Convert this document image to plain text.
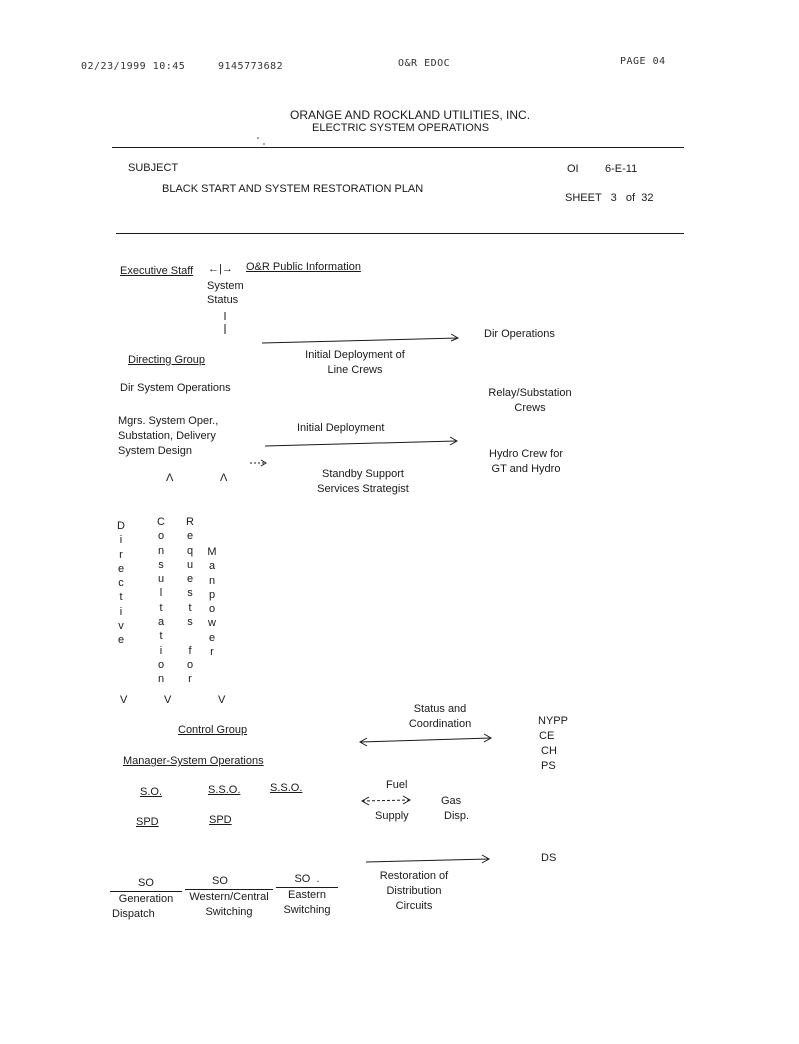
02/23/1999 10:45	9145773682	O&R EDOC	PAGE 04
ORANGE AND ROCKLAND UTILITIES, INC.
ELECTRIC SYSTEM OPERATIONS
SUBJECT	OI 6-E-11
BLACK START AND SYSTEM RESTORATION PLAN
SHEET   3   of  32
Executive Staff ←|→ O&R Public Information
System
Status
Directing Group
Dir System Operations
Mgrs. System Oper.,
Substation, Delivery
System Design
Initial Deployment of
Line Crews
Initial Deployment
Standby Support
Services Strategist
Dir Operations
Relay/Substation
Crews
Hydro Crew for
GT and Hydro
Λ	Λ
D
i
r
e
c
t
i
v
e
C
o
n
s
u
l
t
a
t
i
o
n
R
e
q
u
e
s
t
s

f
o
r
M
a
n
p
o
w
e
r
V	V	V
Control Group
Manager-System Operations
S.O.	S.S.O.	S.S.O.
SPD	SPD
Status and
Coordination	NYPP
CE
CH
PS
Fuel
Supply
Gas
Disp.
DS
Restoration of
Distribution
Circuits
SO
Generation
Dispatch
SO
Western/Central
Switching
SO  .
Eastern
Switching
